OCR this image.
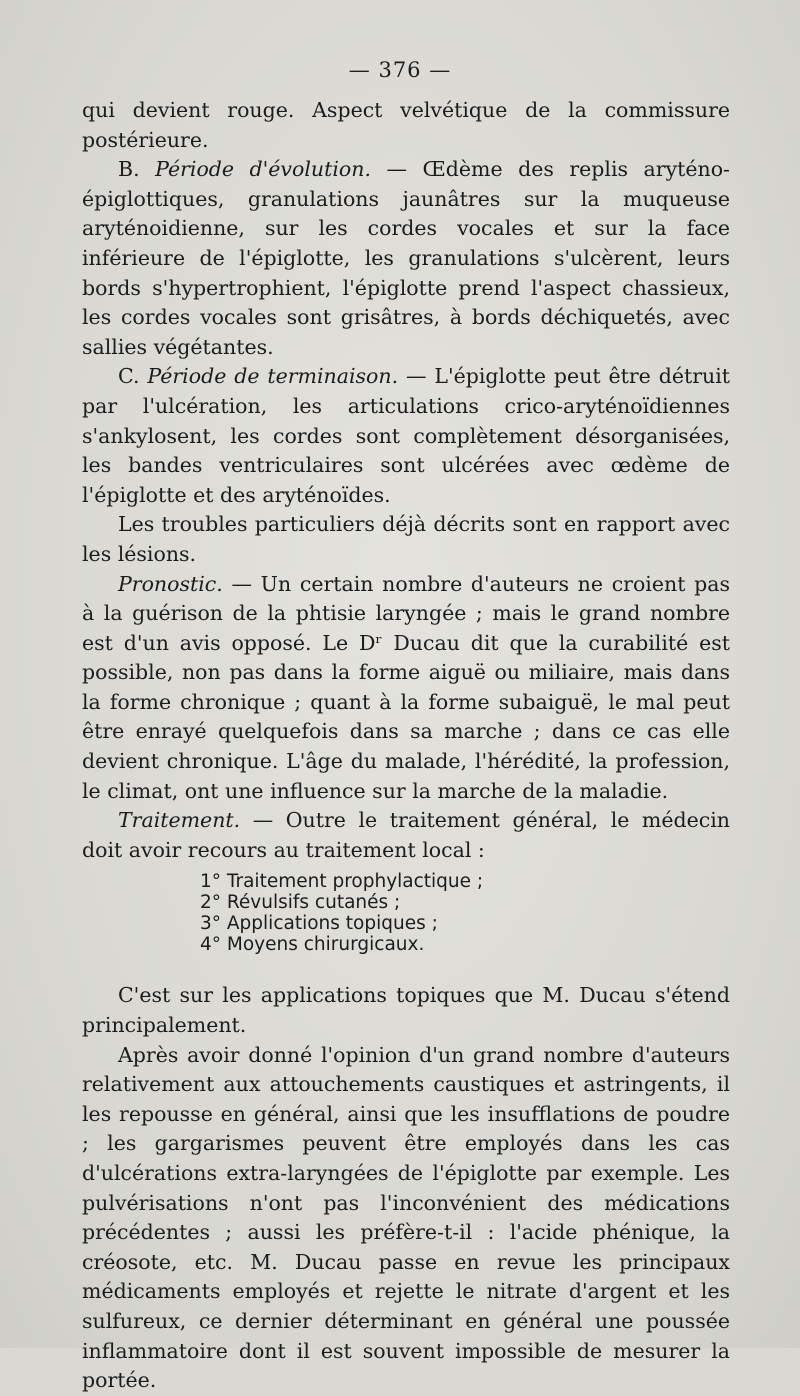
— 376 —

qui devient rouge. Aspect velvétique de la commissure postérieure.

B. Période d'évolution. — Œdème des replis aryténo-épiglottiques, granulations jaunâtres sur la muqueuse aryténoidienne, sur les cordes vocales et sur la face inférieure de l'épiglotte, les granulations s'ulcèrent, leurs bords s'hypertrophient, l'épiglotte prend l'aspect chassieux, les cordes vocales sont grisâtres, à bords déchiquetés, avec sallies végétantes.

C. Période de terminaison. — L'épiglotte peut être détruit par l'ulcération, les articulations crico-aryténoïdiennes s'ankylosent, les cordes sont complètement désorganisées, les bandes ventriculaires sont ulcérées avec œdème de l'épiglotte et des aryténoïdes.

Les troubles particuliers déjà décrits sont en rapport avec les lésions.

Pronostic. — Un certain nombre d'auteurs ne croient pas à la guérison de la phtisie laryngée ; mais le grand nombre est d'un avis opposé. Le Dʳ Ducau dit que la curabilité est possible, non pas dans la forme aiguë ou miliaire, mais dans la forme chronique ; quant à la forme subaiguë, le mal peut être enrayé quelquefois dans sa marche ; dans ce cas elle devient chronique. L'âge du malade, l'hérédité, la profession, le climat, ont une influence sur la marche de la maladie.

Traitement. — Outre le traitement général, le médecin doit avoir recours au traitement local :

1° Traitement prophylactique ;
2° Révulsifs cutanés ;
3° Applications topiques ;
4° Moyens chirurgicaux.

C'est sur les applications topiques que M. Ducau s'étend principalement.

Après avoir donné l'opinion d'un grand nombre d'auteurs relativement aux attouchements caustiques et astringents, il les repousse en général, ainsi que les insufflations de poudre ; les gargarismes peuvent être employés dans les cas d'ulcérations extra-laryngées de l'épiglotte par exemple. Les pulvérisations n'ont pas l'inconvénient des médications précédentes ; aussi les préfère-t-il : l'acide phénique, la créosote, etc. M. Ducau passe en revue les principaux médicaments employés et rejette le nitrate d'argent et les sulfureux, ce dernier déterminant en général une poussée inflammatoire dont il est souvent impossible de mesurer la portée.
